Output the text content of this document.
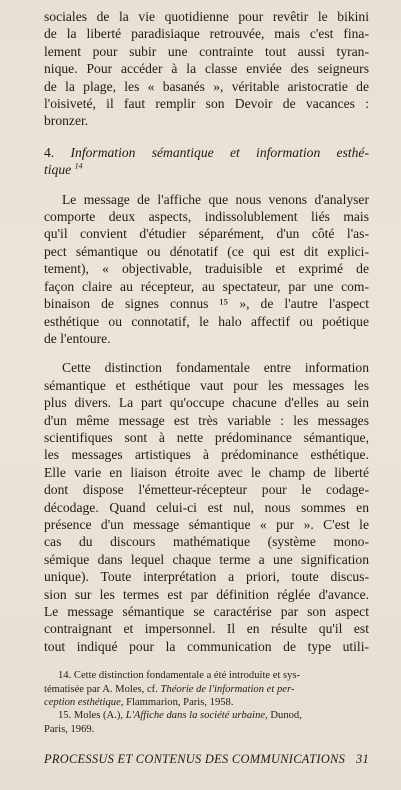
sociales de la vie quotidienne pour revêtir le bikini
de la liberté paradisiaque retrouvée, mais c'est fina-
lement pour subir une contrainte tout aussi tyran-
nique. Pour accéder à la classe enviée des seigneurs
de la plage, les « basanés », véritable aristocratie de
l'oisiveté, il faut remplir son Devoir de vacances :
bronzer.
4. Information sémantique et information esthé-
tique $^{14}$
Le message de l'affiche que nous venons d'analyser
comporte deux aspects, indissolublement liés mais
qu'il convient d'étudier séparément, d'un côté l'as-
pect sémantique ou dénotatif (ce qui est dit explici-
tement), « objectivable, traduisible et exprimé de
façon claire au récepteur, au spectateur, par une com-
binaison de signes connus ¹⁵ », de l'autre l'aspect
esthétique ou connotatif, le halo affectif ou poétique
de l'entoure.
Cette distinction fondamentale entre information
sémantique et esthétique vaut pour les messages les
plus divers. La part qu'occupe chacune d'elles au sein
d'un même message est très variable : les messages
scientifiques sont à nette prédominance sémantique,
les messages artistiques à prédominance esthétique.
Elle varie en liaison étroite avec le champ de liberté
dont dispose l'émetteur-récepteur pour le codage-
décodage. Quand celui-ci est nul, nous sommes en
présence d'un message sémantique « pur ». C'est le
cas du discours mathématique (système mono-
sémique dans lequel chaque terme a une signification
unique). Toute interprétation a priori, toute discus-
sion sur les termes est par définition réglée d'avance.
Le message sémantique se caractérise par son aspect
contraignant et impersonnel. Il en résulte qu'il est
tout indiqué pour la communication de type utili-

14. Cette distinction fondamentale a été introduite et sys-
tématisée par A. Moles, cf. Théorie de l'information et per-
ception esthétique, Flammarion, Paris, 1958.

15. Moles (A.), L'Affiche dans la société urbaine, Dunod,
Paris, 1969.

PROCESSUS ET CONTENUS DES COMMUNICATIONS 31
